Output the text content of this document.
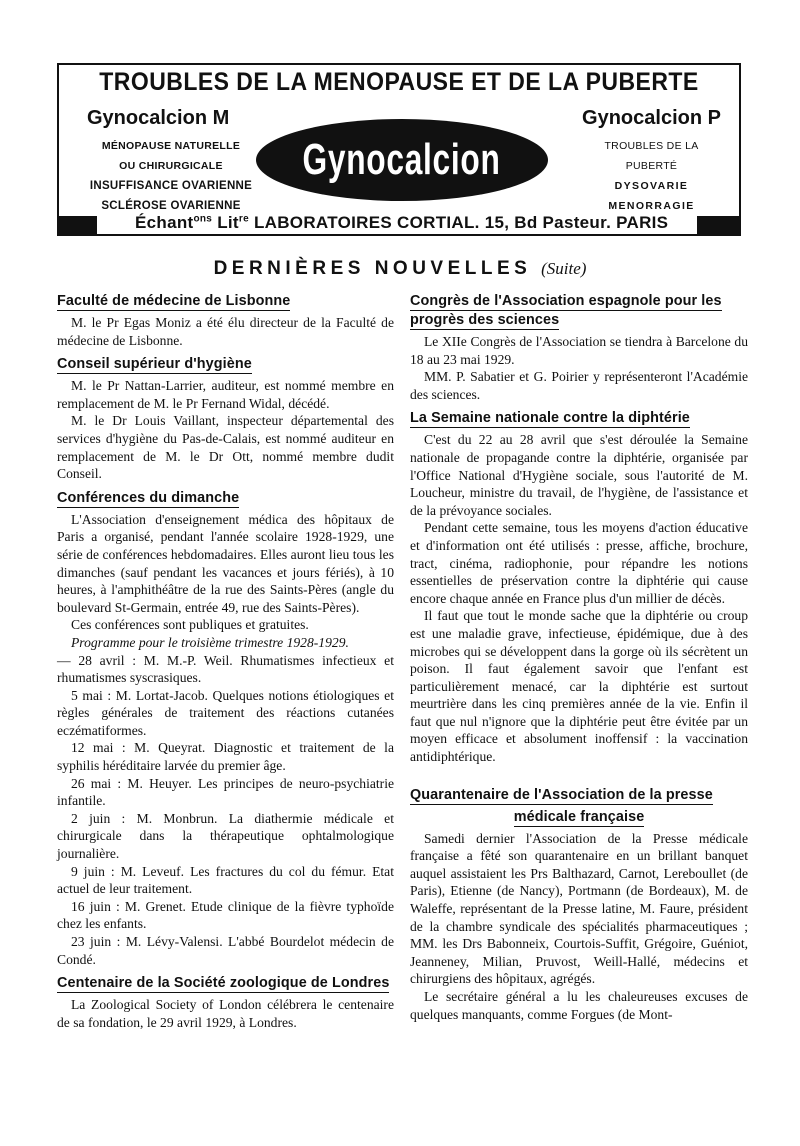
TROUBLES DE LA MENOPAUSE ET DE LA PUBERTE
Gynocalcion M
MÉNOPAUSE NATURELLE
OU CHIRURGICALE
INSUFFISANCE OVARIENNE
SCLÉROSE OVARIENNE
Gynocalcion
Gynocalcion P
TROUBLES DE LA
PUBERTÉ
DYSOVARIE
MENORRAGIE
Échant$^{ons}$ Lit$^{re}$ LABORATOIRES CORTIAL. 15, Bd Pasteur. PARIS
DERNIÈRES NOUVELLES (Suite)
Faculté de médecine de Lisbonne

M. le Pr Egas Moniz a été élu directeur de la Faculté de médecine de Lisbonne.

Conseil supérieur d'hygiène

M. le Pr Nattan-Larrier, auditeur, est nommé membre en remplacement de M. le Pr Fernand Widal, décédé.

M. le Dr Louis Vaillant, inspecteur départemental des services d'hygiène du Pas-de-Calais, est nommé auditeur en remplacement de M. le Dr Ott, nommé membre dudit Conseil.

Conférences du dimanche

L'Association d'enseignement médica des hôpitaux de Paris a organisé, pendant l'année scolaire 1928-1929, une série de conférences hebdomadaires. Elles auront lieu tous les dimanches (sauf pendant les vacances et jours fériés), à 10 heures, à l'amphithéâtre de la rue des Saints-Pères (angle du boulevard St-Germain, entrée 49, rue des Saints-Pères).

Ces conférences sont publiques et gratuites.

Programme pour le troisième trimestre 1928-1929.

— 28 avril : M. M.-P. Weil. Rhumatismes infectieux et rhumatismes syscrasiques.

5 mai : M. Lortat-Jacob. Quelques notions étiologiques et règles générales de traitement des réactions cutanées eczématiformes.

12 mai : M. Queyrat. Diagnostic et traitement de la syphilis héréditaire larvée du premier âge.

26 mai : M. Heuyer. Les principes de neuro-psychiatrie infantile.

2 juin : M. Monbrun. La diathermie médicale et chirurgicale dans la thérapeutique ophtalmologique journalière.

9 juin : M. Leveuf. Les fractures du col du fémur. Etat actuel de leur traitement.

16 juin : M. Grenet. Etude clinique de la fièvre typhoïde chez les enfants.

23 juin : M. Lévy-Valensi. L'abbé Bourdelot médecin de Condé.

Centenaire de la Société zoologique de Londres

La Zoological Society of London célébrera le centenaire de sa fondation, le 29 avril 1929, à Londres.

Congrès de l'Association espagnole pour les progrès des sciences

Le XIIe Congrès de l'Association se tiendra à Barcelone du 18 au 23 mai 1929.

MM. P. Sabatier et G. Poirier y représenteront l'Académie des sciences.

La Semaine nationale contre la diphtérie

C'est du 22 au 28 avril que s'est déroulée la Semaine nationale de propagande contre la diphtérie, organisée par l'Office National d'Hygiène sociale, sous l'autorité de M. Loucheur, ministre du travail, de l'hygiène, de l'assistance et de la prévoyance sociales.

Pendant cette semaine, tous les moyens d'action éducative et d'information ont été utilisés : presse, affiche, brochure, tract, cinéma, radiophonie, pour répandre les notions essentielles de préservation contre la diphtérie qui cause encore chaque année en France plus d'un millier de décès.

Il faut que tout le monde sache que la diphtérie ou croup est une maladie grave, infectieuse, épidémique, due à des microbes qui se développent dans la gorge où ils sécrètent un poison. Il faut également savoir que l'enfant est particulièrement menacé, car la diphtérie est surtout meurtrière dans les cinq premières année de la vie. Enfin il faut que nul n'ignore que la diphtérie peut être évitée par un moyen efficace et absolument inoffensif : la vaccination antidiphtérique.

Quarantenaire de l'Association de la presse
médicale française

Samedi dernier l'Association de la Presse médicale française a fêté son quarantenaire en un brillant banquet auquel assistaient les Prs Balthazard, Carnot, Lereboullet (de Paris), Etienne (de Nancy), Portmann (de Bordeaux), M. de Waleffe, représentant de la Presse latine, M. Faure, président de la chambre syndicale des spécialités pharmaceutiques ; MM. les Drs Babonneix, Courtois-Suffit, Grégoire, Guéniot, Jeanneney, Milian, Pruvost, Weill-Hallé, médecins et chirurgiens des hôpitaux, agrégés.

Le secrétaire général a lu les chaleureuses excuses de quelques manquants, comme Forgues (de Mont-
